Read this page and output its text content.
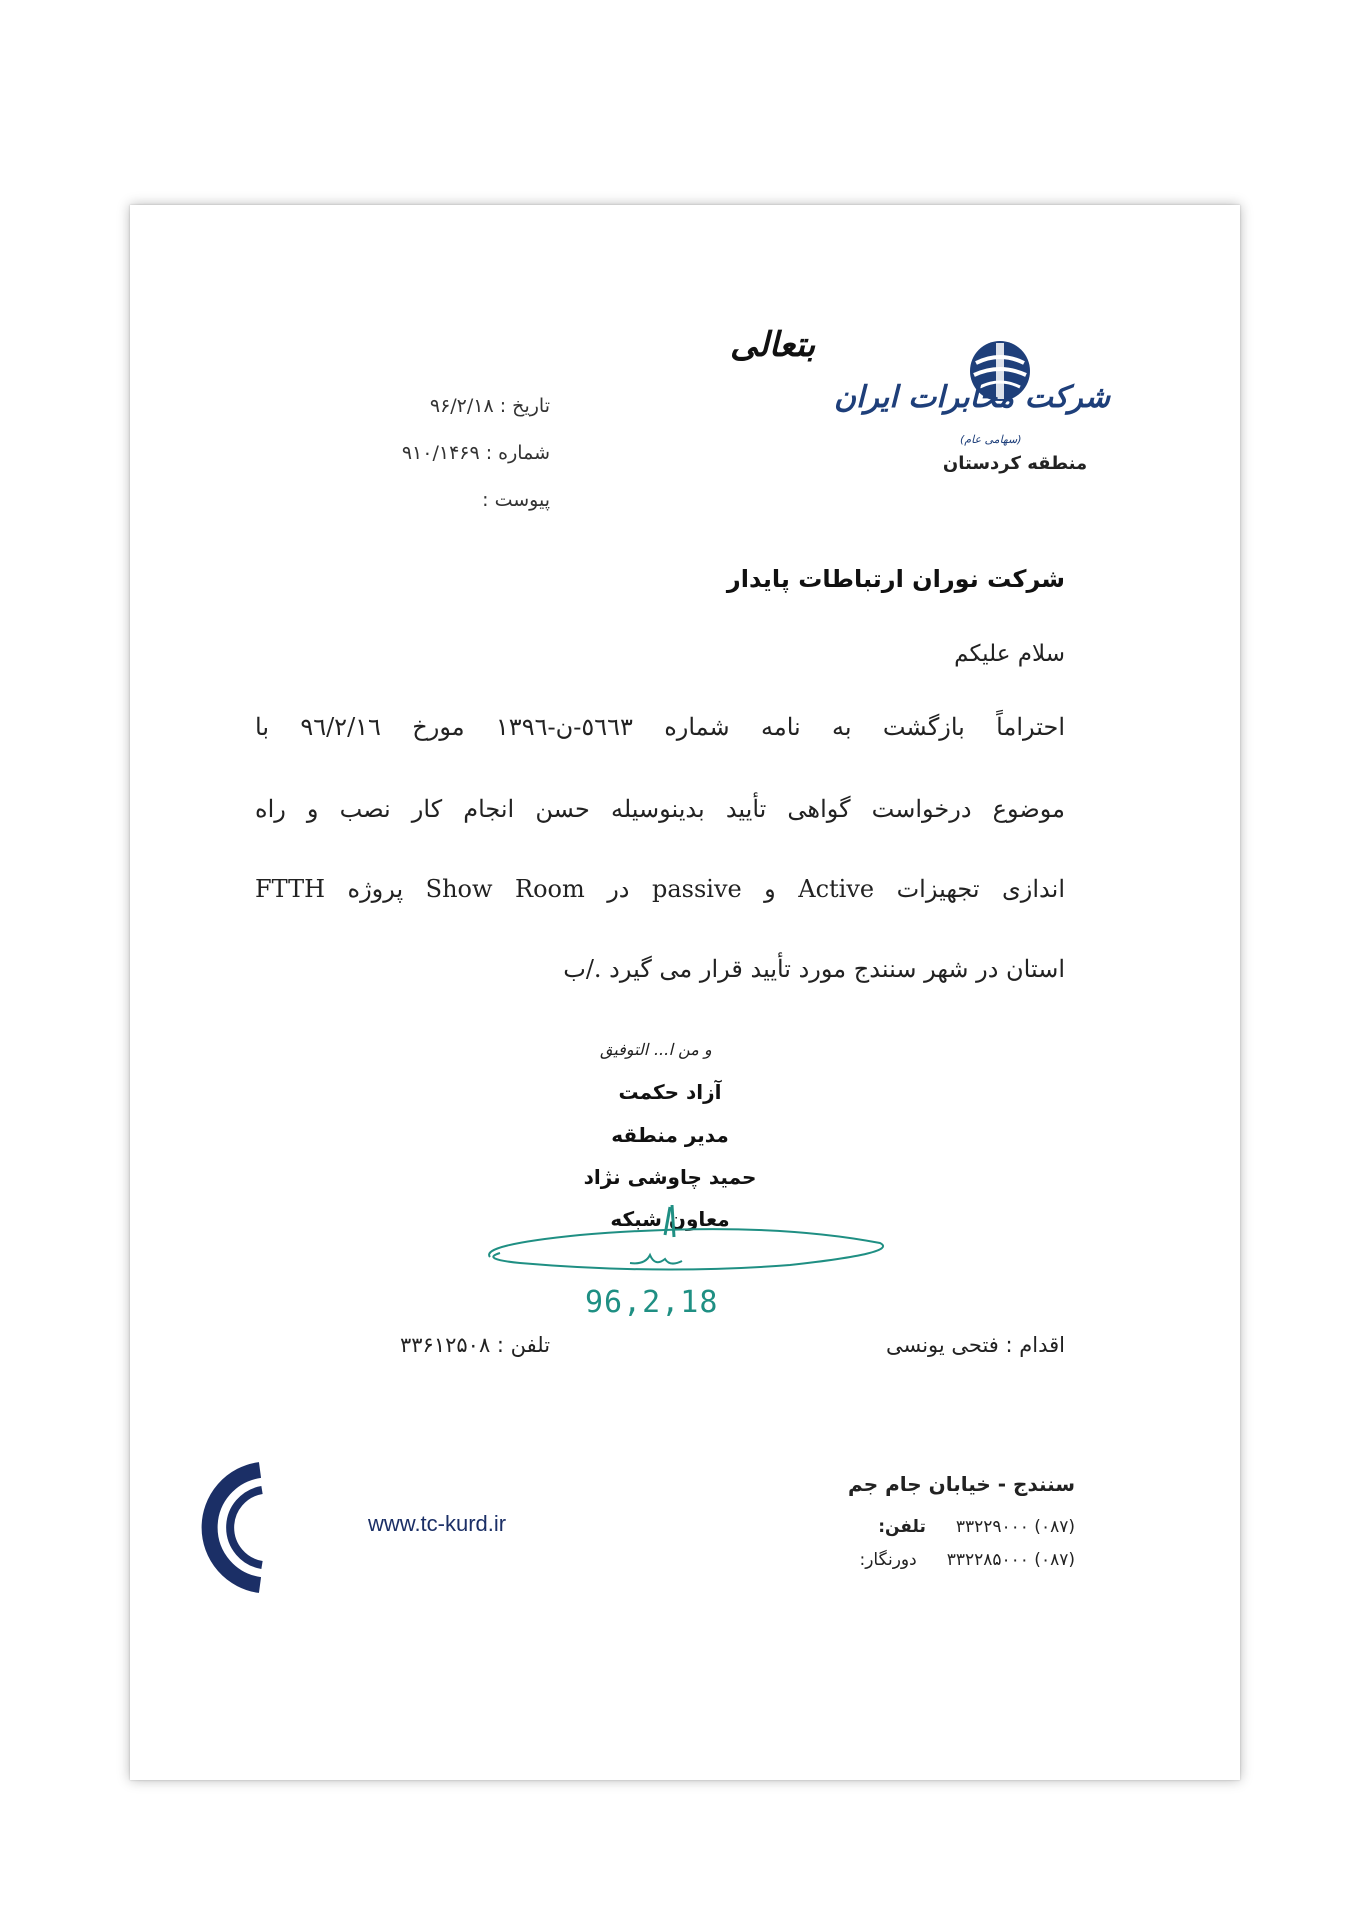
بتعالی
شرکت مخابرات ایران
(سهامی عام)
منطقه کردستان
تاریخ : ۹۶/۲/۱۸
شماره : ۹۱۰/۱۴۶۹
پیوست :
شرکت نوران ارتباطات پایدار
سلام علیکم
احتراماً بازگشت به نامه شماره ٥٦٦٣-ن-١٣٩٦ مورخ ٩٦/٢/١٦ با
موضوع درخواست گواهی تأیید بدینوسیله حسن انجام کار نصب و راه
اندازی تجهیزات Active و passive در Show Room پروژه FTTH
استان در شهر سنندج مورد تأیید قرار می گیرد ./ب
و من ا... التوفیق
آزاد حکمت
مدیر منطقه
حمید چاوشی نژاد
معاون شبکه
96,2,18
اقدام : فتحی یونسی
تلفن : ۳۳۶۱۲۵۰۸
www.tc-kurd.ir
سنندج - خیابان جام جم
تلفن: (۰۸۷) ۳۳۲۲۹۰۰۰
دورنگار: (۰۸۷) ۳۳۲۲۸۵۰۰۰
